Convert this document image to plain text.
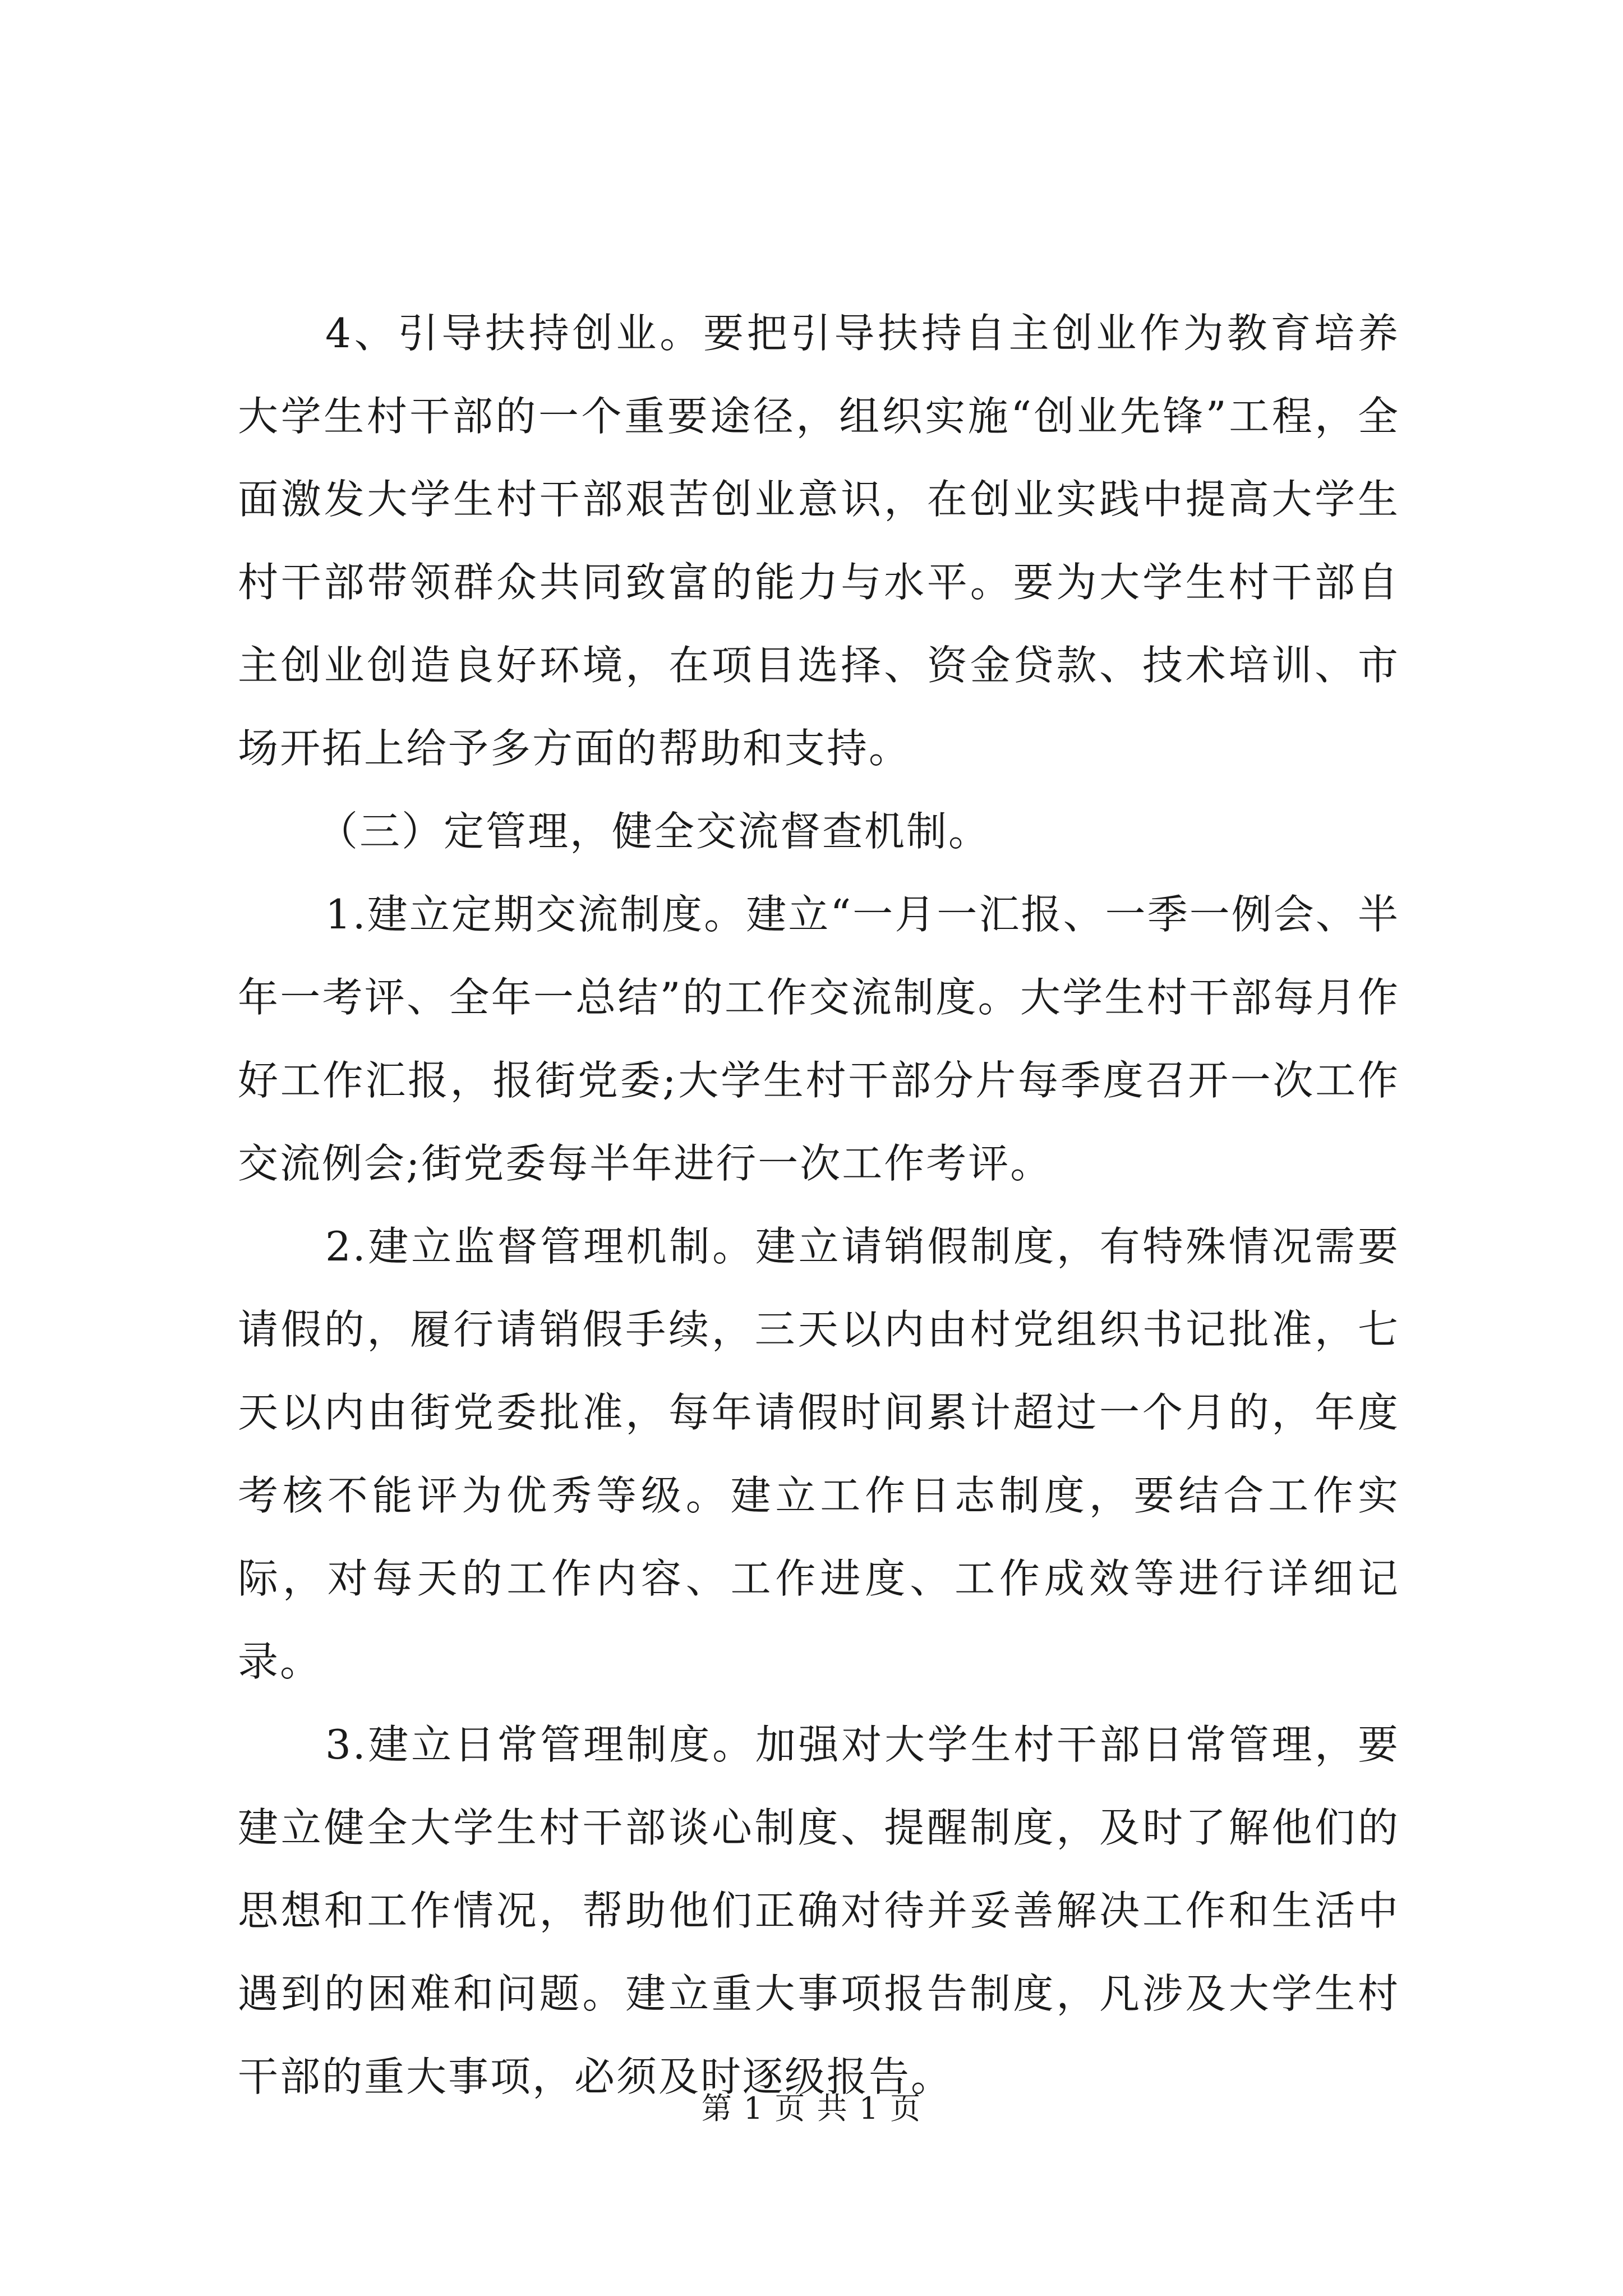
4、引导扶持创业。要把引导扶持自主创业作为教育培养大学生村干部的一个重要途径，组织实施“创业先锋”工程，全面激发大学生村干部艰苦创业意识，在创业实践中提高大学生村干部带领群众共同致富的能力与水平。要为大学生村干部自主创业创造良好环境，在项目选择、资金贷款、技术培训、市场开拓上给予多方面的帮助和支持。

（三）定管理，健全交流督查机制。

1.建立定期交流制度。建立“一月一汇报、一季一例会、半年一考评、全年一总结”的工作交流制度。大学生村干部每月作好工作汇报，报街党委;大学生村干部分片每季度召开一次工作交流例会;街党委每半年进行一次工作考评。

2.建立监督管理机制。建立请销假制度，有特殊情况需要请假的，履行请销假手续，三天以内由村党组织书记批准，七天以内由街党委批准，每年请假时间累计超过一个月的，年度考核不能评为优秀等级。建立工作日志制度，要结合工作实际，对每天的工作内容、工作进度、工作成效等进行详细记录。

3.建立日常管理制度。加强对大学生村干部日常管理，要建立健全大学生村干部谈心制度、提醒制度，及时了解他们的思想和工作情况，帮助他们正确对待并妥善解决工作和生活中遇到的困难和问题。建立重大事项报告制度，凡涉及大学生村干部的重大事项，必须及时逐级报告。

第 1 页 共 1 页
